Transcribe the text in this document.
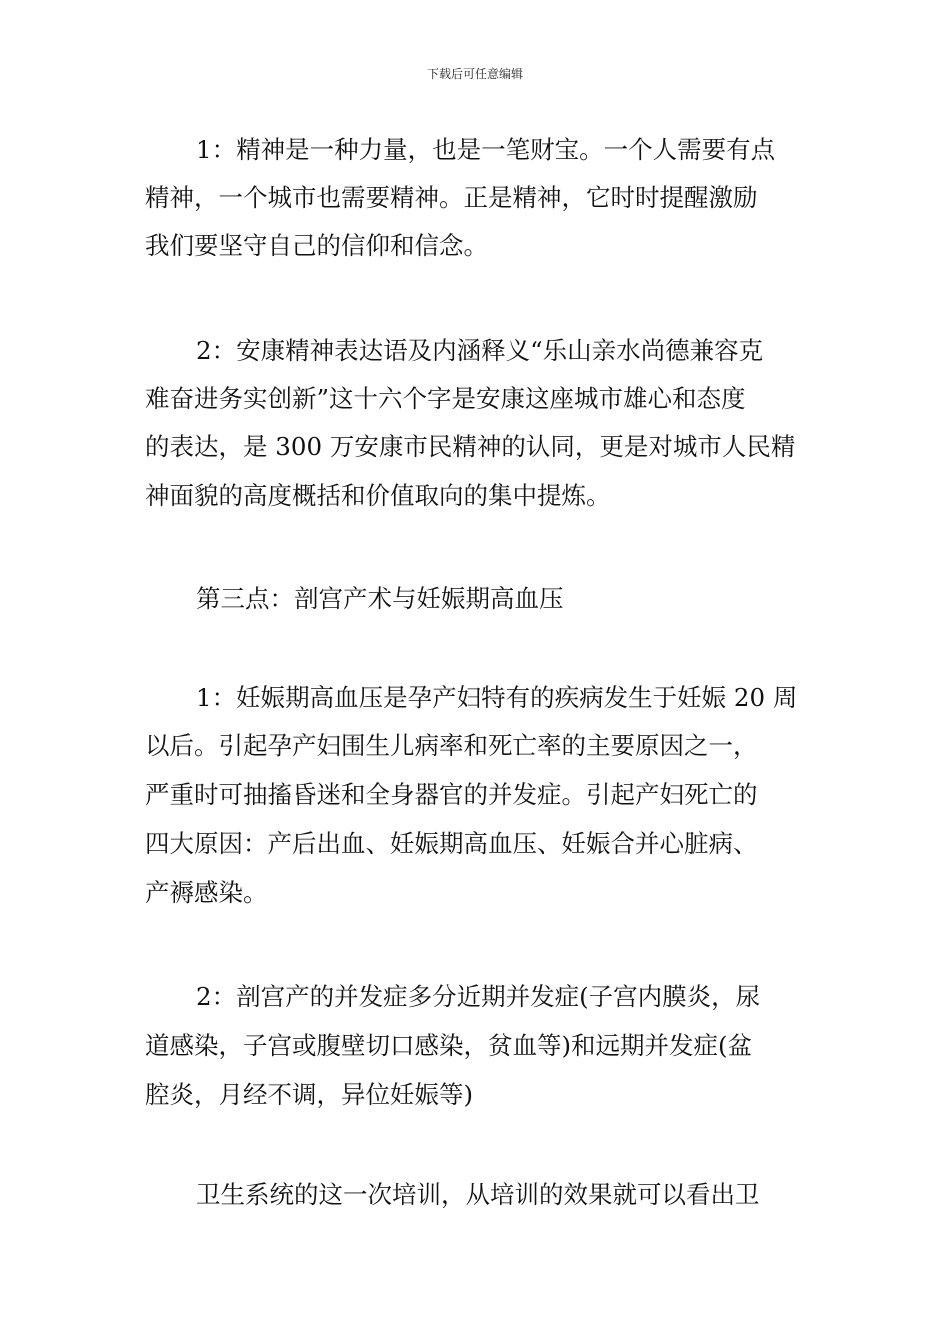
下载后可任意编辑
1：精神是一种力量，也是一笔财宝。一个人需要有点
精神，一个城市也需要精神。正是精神，它时时提醒激励
我们要坚守自己的信仰和信念。
2：安康精神表达语及内涵释义“乐山亲水尚德兼容克
难奋进务实创新”这十六个字是安康这座城市雄心和态度
的表达，是 300 万安康市民精神的认同，更是对城市人民精
神面貌的高度概括和价值取向的集中提炼。
第三点：剖宫产术与妊娠期高血压
1：妊娠期高血压是孕产妇特有的疾病发生于妊娠 20 周
以后。引起孕产妇围生儿病率和死亡率的主要原因之一，
严重时可抽搐昏迷和全身器官的并发症。引起产妇死亡的
四大原因：产后出血、妊娠期高血压、妊娠合并心脏病、
产褥感染。
2：剖宫产的并发症多分近期并发症(子宫内膜炎，尿
道感染，子宫或腹壁切口感染，贫血等)和远期并发症(盆
腔炎，月经不调，异位妊娠等)
卫生系统的这一次培训，从培训的效果就可以看出卫
